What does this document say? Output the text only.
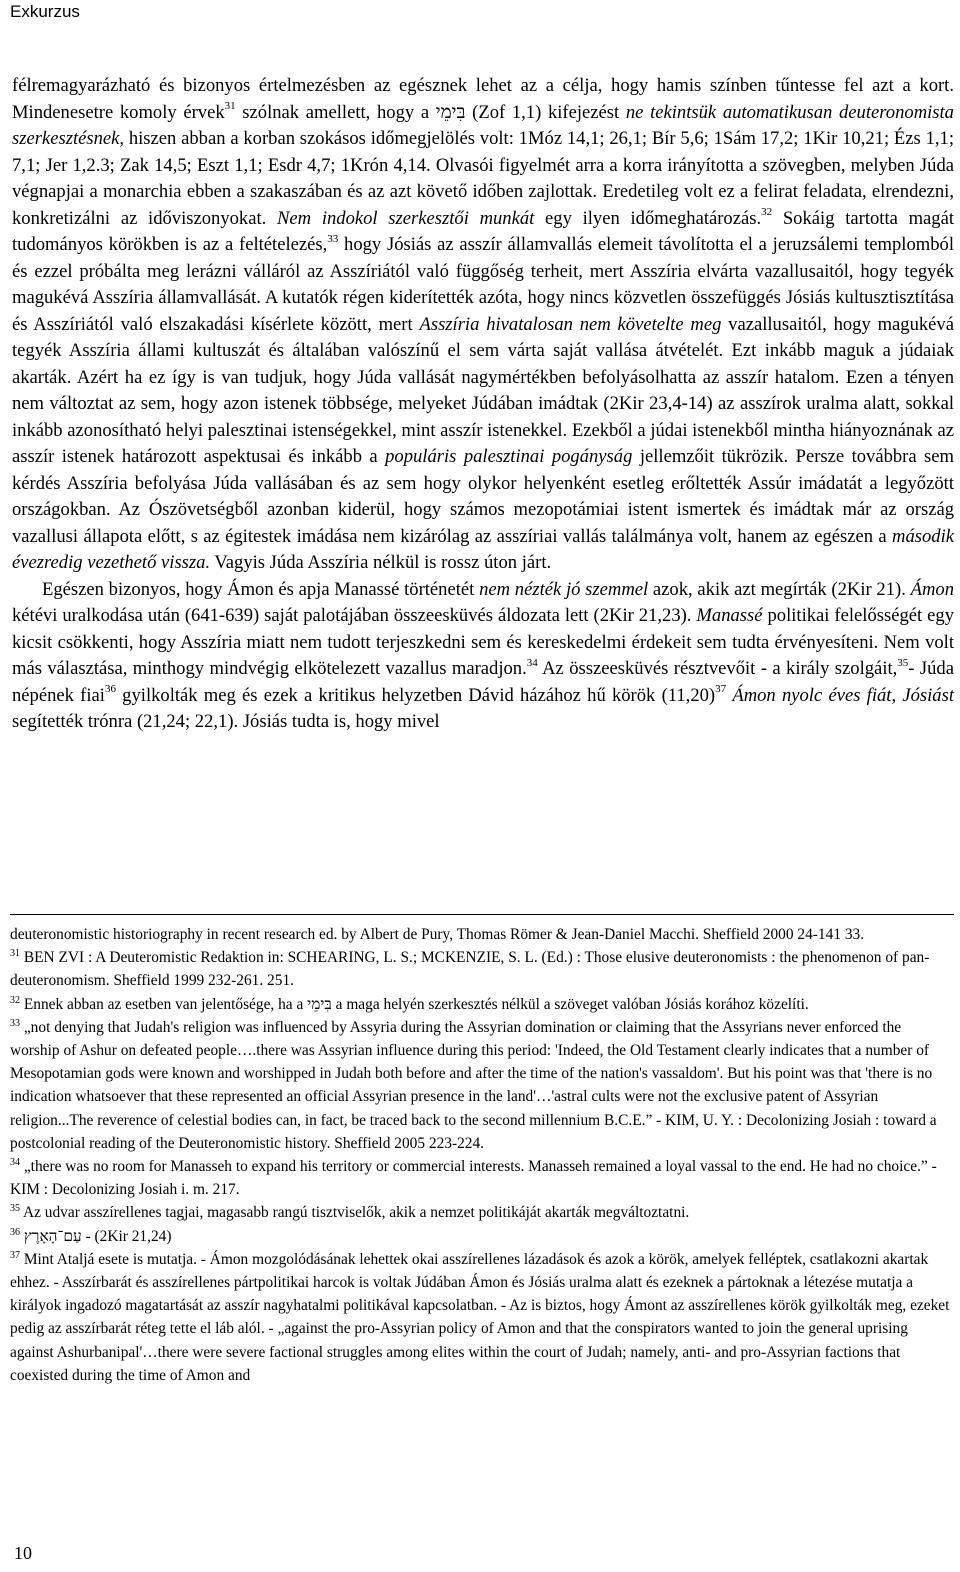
Exkurzus

félremagyarázható és bizonyos értelmezésben az egésznek lehet az a célja, hogy hamis színben tűntesse fel azt a kort. Mindenesetre komoly érvek$^{31}$ szólnak amellett, hogy a בִּימֵי (Zof 1,1) kifejezést ne tekintsük automatikusan deuteronomista szerkesztésnek, hiszen abban a korban szokásos időmegjelölés volt: 1Móz 14,1; 26,1; Bír 5,6; 1Sám 17,2; 1Kir 10,21; Ézs 1,1; 7,1; Jer 1,2.3; Zak 14,5; Eszt 1,1; Esdr 4,7; 1Krón 4,14. Olvasói figyelmét arra a korra irányította a szövegben, melyben Júda végnapjai a monarchia ebben a szakaszában és az azt követő időben zajlottak. Eredetileg volt ez a felirat feladata, elrendezni, konkretizálni az időviszonyokat. Nem indokol szerkesztői munkát egy ilyen időmeghatározás.$^{32}$ Sokáig tartotta magát tudományos körökben is az a feltételezés,$^{33}$ hogy Jósiás az asszír államvallás elemeit távolította el a jeruzsálemi templomból és ezzel próbálta meg lerázni válláról az Asszíriától való függőség terheit, mert Asszíria elvárta vazallusaitól, hogy tegyék magukévá Asszíria államvallását. A kutatók régen kiderítették azóta, hogy nincs közvetlen összefüggés Jósiás kultusztisztítása és Asszíriától való elszakadási kísérlete között, mert Asszíria hivatalosan nem követelte meg vazallusaitól, hogy magukévá tegyék Asszíria állami kultuszát és általában valószínű el sem várta saját vallása átvételét. Ezt inkább maguk a júdaiak akarták. Azért ha ez így is van tudjuk, hogy Júda vallását nagymértékben befolyásolhatta az asszír hatalom. Ezen a tényen nem változtat az sem, hogy azon istenek többsége, melyeket Júdában imádtak (2Kir 23,4-14) az asszírok uralma alatt, sokkal inkább azonosítható helyi palesztinai istenségekkel, mint asszír istenekkel. Ezekből a júdai istenekből mintha hiányoznának az asszír istenek határozott aspektusai és inkább a populáris palesztinai pogányság jellemzőit tükrözik. Persze továbbra sem kérdés Asszíria befolyása Júda vallásában és az sem hogy olykor helyenként esetleg erőltették Assúr imádatát a legyőzött országokban. Az Ószövetségből azonban kiderül, hogy számos mezopotámiai istent ismertek és imádtak már az ország vazallusi állapota előtt, s az égitestek imádása nem kizárólag az asszíriai vallás találmánya volt, hanem az egészen a második évezredig vezethető vissza. Vagyis Júda Asszíria nélkül is rossz úton járt.

Egészen bizonyos, hogy Ámon és apja Manassé történetét nem nézték jó szemmel azok, akik azt megírták (2Kir 21). Ámon kétévi uralkodása után (641-639) saját palotájában összeesküvés áldozata lett (2Kir 21,23). Manassé politikai felelősségét egy kicsit csökkenti, hogy Asszíria miatt nem tudott terjeszkedni sem és kereskedelmi érdekeit sem tudta érvényesíteni. Nem volt más választása, minthogy mindvégig elkötelezett vazallus maradjon.$^{34}$ Az összeesküvés résztvevőit - a király szolgáit,$^{35}$- Júda népének fiai$^{36}$ gyilkolták meg és ezek a kritikus helyzetben Dávid házához hű körök $(11,20)^{37}$ Ámon nyolc éves fiát, Jósiást segítették trónra (21,24; 22,1). Jósiás tudta is, hogy mivel

deuteronomistic historiography in recent research ed. by Albert de Pury, Thomas Römer & Jean-Daniel Macchi. Sheffield 2000 24-141 33.

$^{31}$ BEN ZVI : A Deuteromistic Redaktion in: SCHEARING, L. S.; MCKENZIE, S. L. (Ed.) : Those elusive deuteronomists : the phenomenon of pan-deuteronomism. Sheffield 1999 232-261. 251.

$^{32}$ Ennek abban az esetben van jelentősége, ha a בִּימֵי a maga helyén szerkesztés nélkül a szöveget valóban Jósiás korához közelíti.

$^{33}$ „not denying that Judah's religion was influenced by Assyria during the Assyrian domination or claiming that the Assyrians never enforced the worship of Ashur on defeated people….there was Assyrian influence during this period: 'Indeed, the Old Testament clearly indicates that a number of Mesopotamian gods were known and worshipped in Judah both before and after the time of the nation's vassaldom'. But his point was that 'there is no indication whatsoever that these represented an official Assyrian presence in the land'…'astral cults were not the exclusive patent of Assyrian religion...The reverence of celestial bodies can, in fact, be traced back to the second millennium B.C.E.” - KIM, U. Y. : Decolonizing Josiah : toward a postcolonial reading of the Deuteronomistic history. Sheffield 2005 223-224.

$^{34}$ „there was no room for Manasseh to expand his territory or commercial interests. Manasseh remained a loyal vassal to the end. He had no choice.” - KIM : Decolonizing Josiah i. m. 217.

$^{35}$ Az udvar asszírellenes tagjai, magasabb rangú tisztviselők, akik a nemzet politikáját akarták megváltoztatni.

$^{36}$ עַם־הָאָרֶץ - (2Kir 21,24)

$^{37}$ Mint Ataljá esete is mutatja. - Ámon mozgolódásának lehettek okai asszírellenes lázadások és azok a körök, amelyek felléptek, csatlakozni akartak ehhez. - Asszírbarát és asszírellenes pártpolitikai harcok is voltak Júdában Ámon és Jósiás uralma alatt és ezeknek a pártoknak a létezése mutatja a királyok ingadozó magatartását az asszír nagyhatalmi politikával kapcsolatban. - Az is biztos, hogy Ámont az asszírellenes körök gyilkolták meg, ezeket pedig az asszírbarát réteg tette el láb alól. - „against the pro-Assyrian policy of Amon and that the conspirators wanted to join the general uprising against Ashurbanipal'…there were severe factional struggles among elites within the court of Judah; namely, anti- and pro-Assyrian factions that coexisted during the time of Amon and

10
